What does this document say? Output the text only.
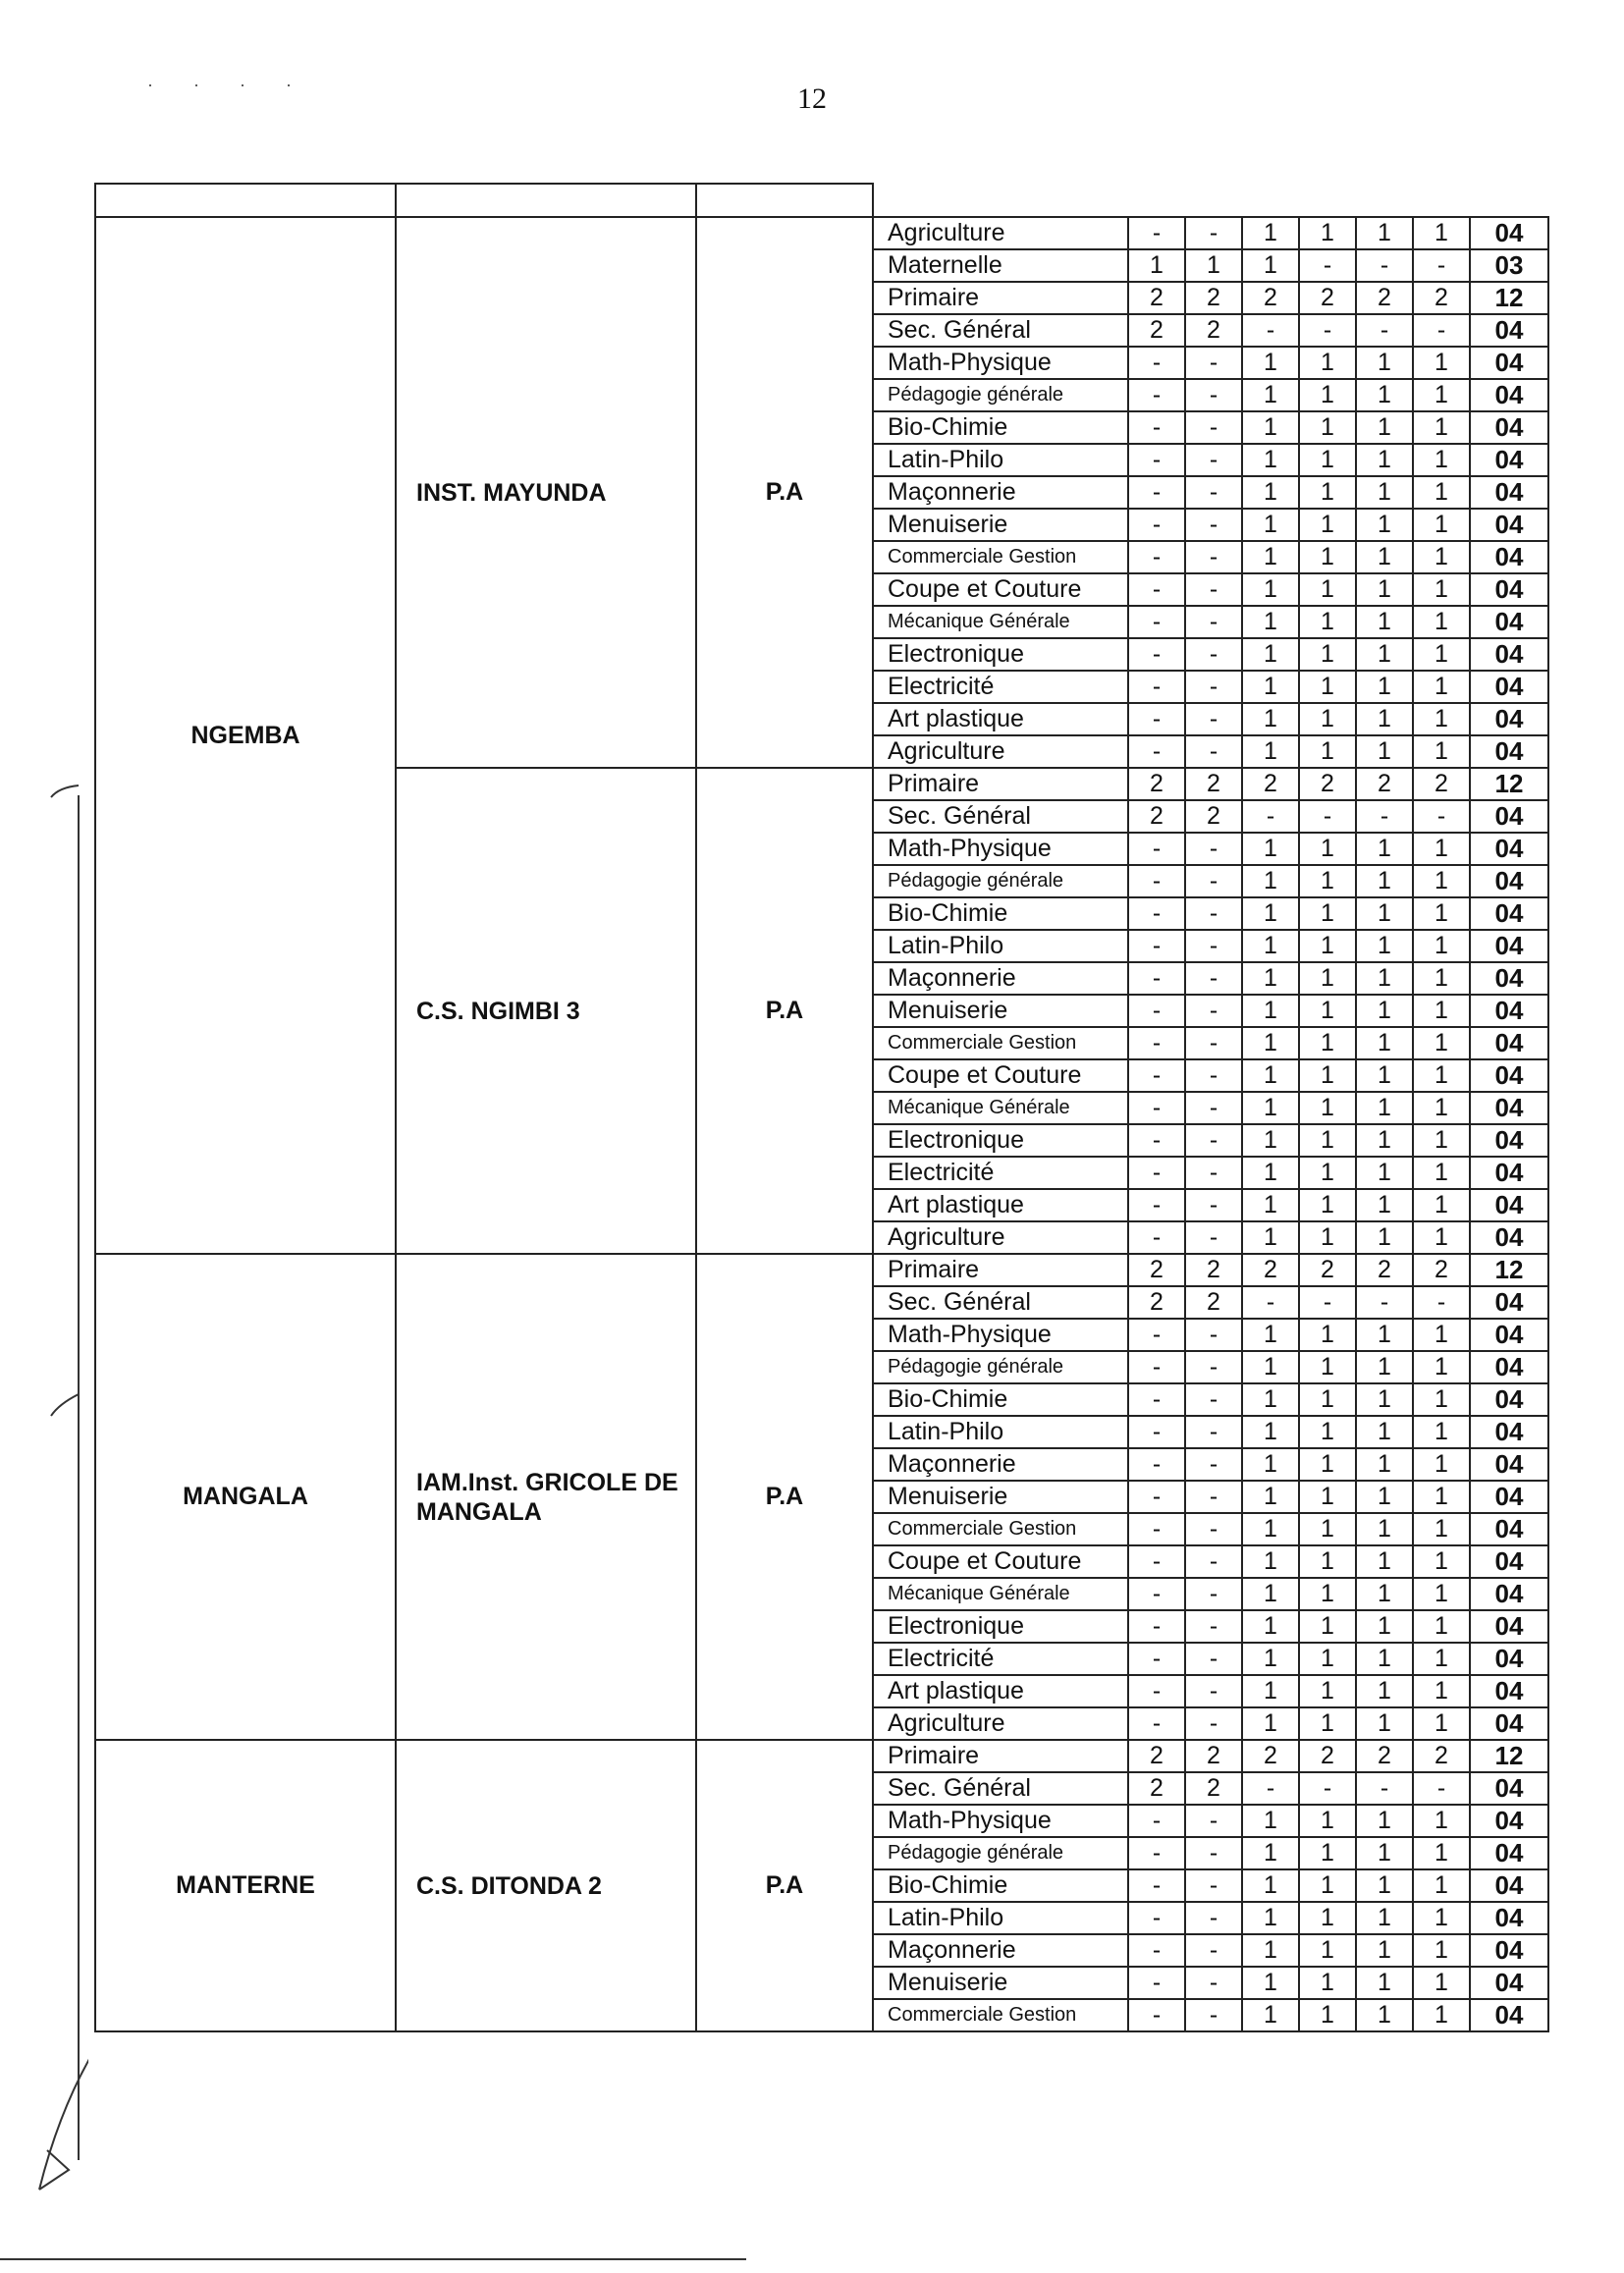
12
· · · ·

NGEMBA	INST. MAYUNDA	P.A	Agriculture	-	-	1	1	1	1	04
			Maternelle	1	1	1	-	-	-	03
			Primaire	2	2	2	2	2	2	12
			Sec. Général	2	2	-	-	-	-	04
			Math-Physique	-	-	1	1	1	1	04
			Pédagogie générale	-	-	1	1	1	1	04
			Bio-Chimie	-	-	1	1	1	1	04
			Latin-Philo	-	-	1	1	1	1	04
			Maçonnerie	-	-	1	1	1	1	04
			Menuiserie	-	-	1	1	1	1	04
			Commerciale Gestion	-	-	1	1	1	1	04
			Coupe et Couture	-	-	1	1	1	1	04
			Mécanique Générale	-	-	1	1	1	1	04
			Electronique	-	-	1	1	1	1	04
			Electricité	-	-	1	1	1	1	04
			Art plastique	-	-	1	1	1	1	04
			Agriculture	-	-	1	1	1	1	04
	C.S. NGIMBI 3	P.A	Primaire	2	2	2	2	2	2	12
			Sec. Général	2	2	-	-	-	-	04
			Math-Physique	-	-	1	1	1	1	04
			Pédagogie générale	-	-	1	1	1	1	04
			Bio-Chimie	-	-	1	1	1	1	04
			Latin-Philo	-	-	1	1	1	1	04
			Maçonnerie	-	-	1	1	1	1	04
			Menuiserie	-	-	1	1	1	1	04
			Commerciale Gestion	-	-	1	1	1	1	04
			Coupe et Couture	-	-	1	1	1	1	04
			Mécanique Générale	-	-	1	1	1	1	04
			Electronique	-	-	1	1	1	1	04
			Electricité	-	-	1	1	1	1	04
			Art plastique	-	-	1	1	1	1	04
			Agriculture	-	-	1	1	1	1	04
MANGALA	IAM.Inst. GRICOLE DE MANGALA	P.A	Primaire	2	2	2	2	2	2	12
			Sec. Général	2	2	-	-	-	-	04
			Math-Physique	-	-	1	1	1	1	04
			Pédagogie générale	-	-	1	1	1	1	04
			Bio-Chimie	-	-	1	1	1	1	04
			Latin-Philo	-	-	1	1	1	1	04
			Maçonnerie	-	-	1	1	1	1	04
			Menuiserie	-	-	1	1	1	1	04
			Commerciale Gestion	-	-	1	1	1	1	04
			Coupe et Couture	-	-	1	1	1	1	04
			Mécanique Générale	-	-	1	1	1	1	04
			Electronique	-	-	1	1	1	1	04
			Electricité	-	-	1	1	1	1	04
			Art plastique	-	-	1	1	1	1	04
			Agriculture	-	-	1	1	1	1	04
MANTERNE	C.S. DITONDA 2	P.A	Primaire	2	2	2	2	2	2	12
			Sec. Général	2	2	-	-	-	-	04
			Math-Physique	-	-	1	1	1	1	04
			Pédagogie générale	-	-	1	1	1	1	04
			Bio-Chimie	-	-	1	1	1	1	04
			Latin-Philo	-	-	1	1	1	1	04
			Maçonnerie	-	-	1	1	1	1	04
			Menuiserie	-	-	1	1	1	1	04
			Commerciale Gestion	-	-	1	1	1	1	04
